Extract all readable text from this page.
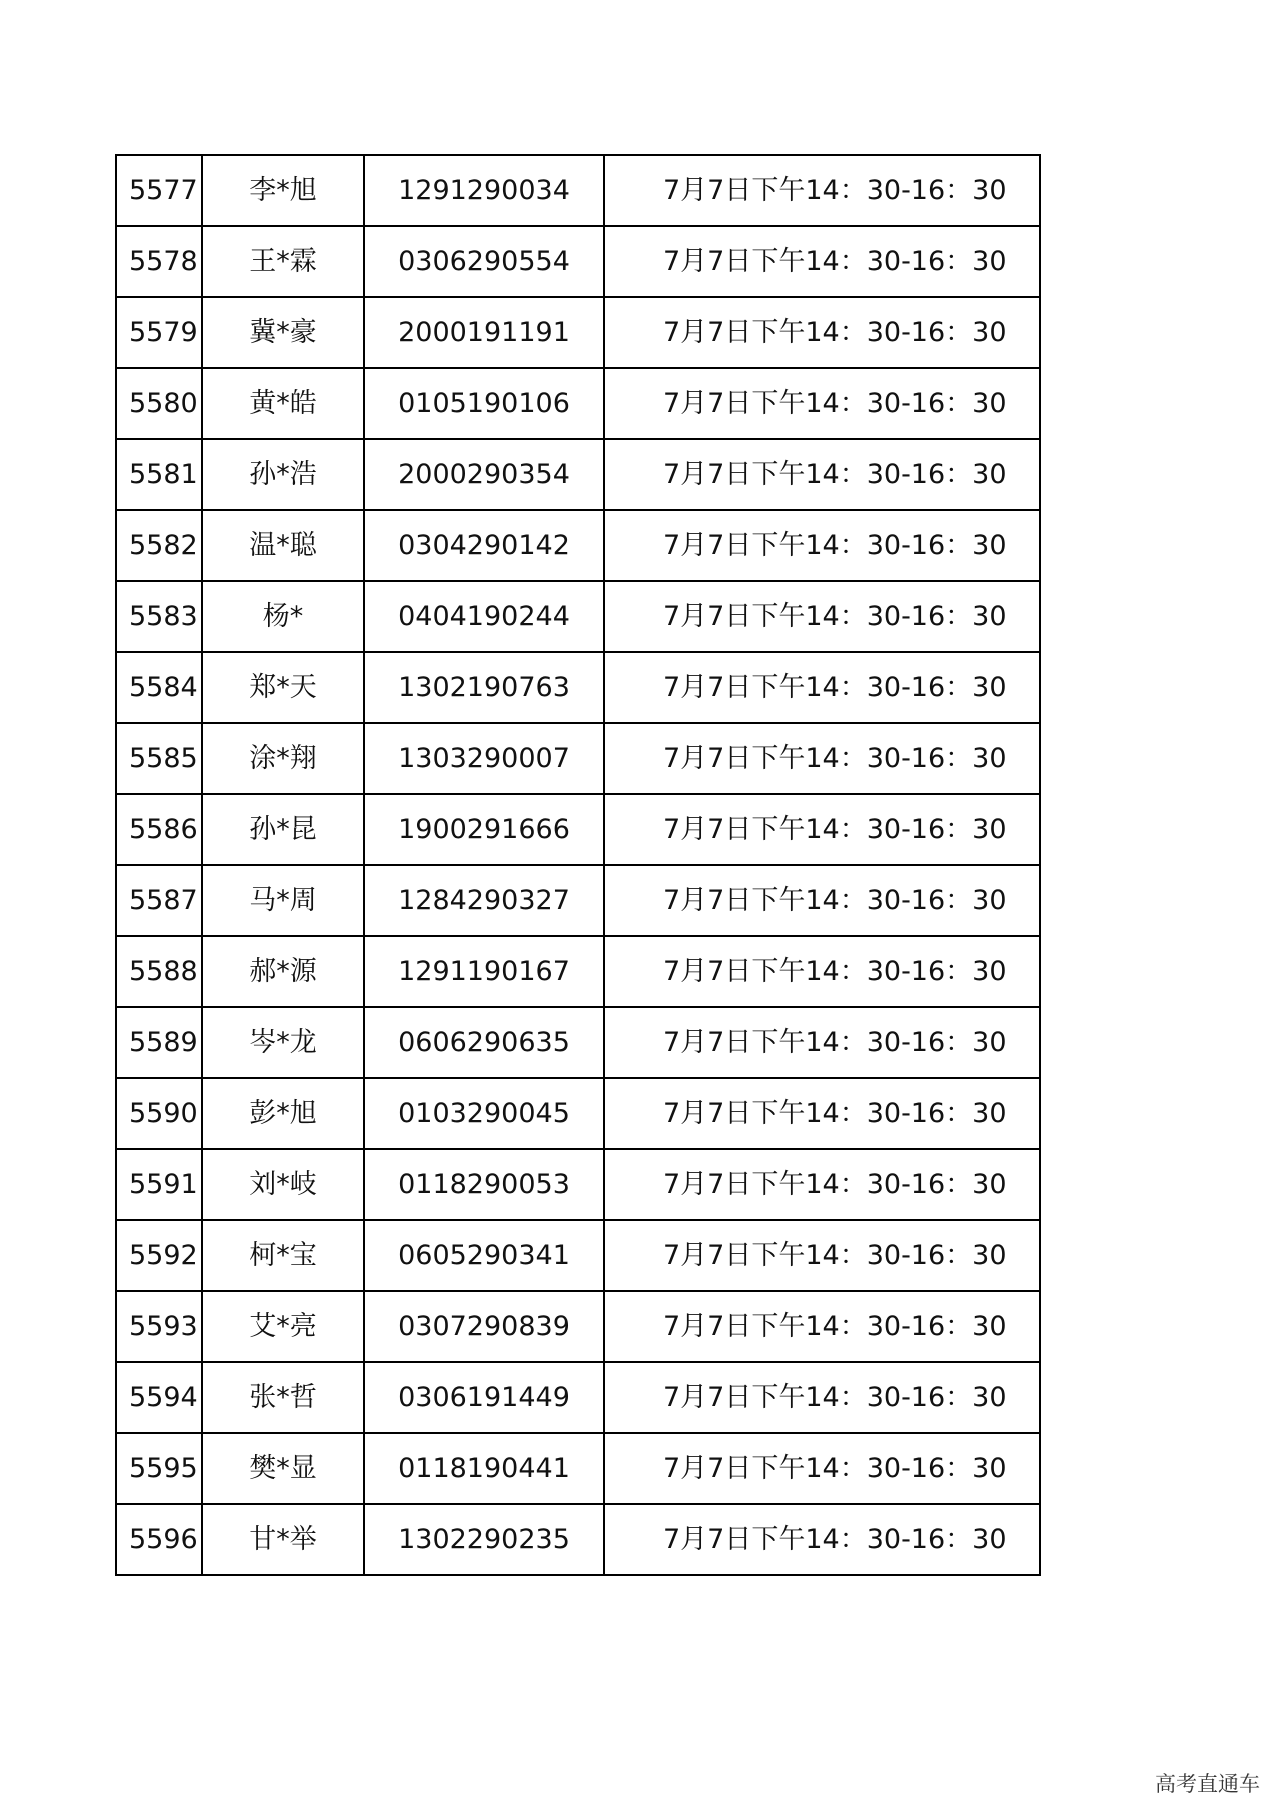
5577	李*旭	1291290034	7月7日下午14：30-16：30
5578	王*霖	0306290554	7月7日下午14：30-16：30
5579	冀*豪	2000191191	7月7日下午14：30-16：30
5580	黄*皓	0105190106	7月7日下午14：30-16：30
5581	孙*浩	2000290354	7月7日下午14：30-16：30
5582	温*聪	0304290142	7月7日下午14：30-16：30
5583	杨*	0404190244	7月7日下午14：30-16：30
5584	郑*天	1302190763	7月7日下午14：30-16：30
5585	涂*翔	1303290007	7月7日下午14：30-16：30
5586	孙*昆	1900291666	7月7日下午14：30-16：30
5587	马*周	1284290327	7月7日下午14：30-16：30
5588	郝*源	1291190167	7月7日下午14：30-16：30
5589	岑*龙	0606290635	7月7日下午14：30-16：30
5590	彭*旭	0103290045	7月7日下午14：30-16：30
5591	刘*岐	0118290053	7月7日下午14：30-16：30
5592	柯*宝	0605290341	7月7日下午14：30-16：30
5593	艾*亮	0307290839	7月7日下午14：30-16：30
5594	张*哲	0306191449	7月7日下午14：30-16：30
5595	樊*显	0118190441	7月7日下午14：30-16：30
5596	甘*举	1302290235	7月7日下午14：30-16：30
高考直通车
